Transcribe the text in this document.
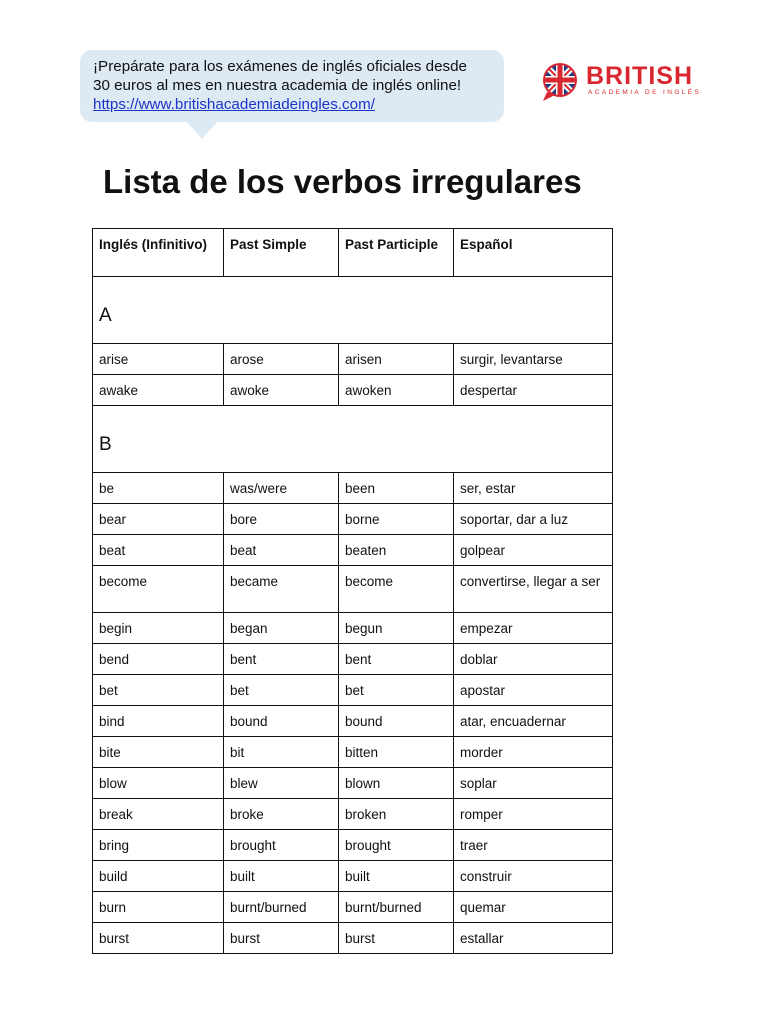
¡Prepárate para los exámenes de inglés oficiales desde
30 euros al mes en nuestra academia de inglés online!
https://www.britishacademiadeingles.com/
BRITISH
ACADEMIA DE INGLÉS
Lista de los verbos irregulares
Inglés (Infinitivo)	Past Simple	Past Participle	Español
A			
arise	arose	arisen	surgir, levantarse
awake	awoke	awoken	despertar
B			
be	was/were	been	ser, estar
bear	bore	borne	soportar, dar a luz
beat	beat	beaten	golpear
become	became	become	convertirse, llegar a ser
begin	began	begun	empezar
bend	bent	bent	doblar
bet	bet	bet	apostar
bind	bound	bound	atar, encuadernar
bite	bit	bitten	morder
blow	blew	blown	soplar
break	broke	broken	romper
bring	brought	brought	traer
build	built	built	construir
burn	burnt/burned	burnt/burned	quemar
burst	burst	burst	estallar
